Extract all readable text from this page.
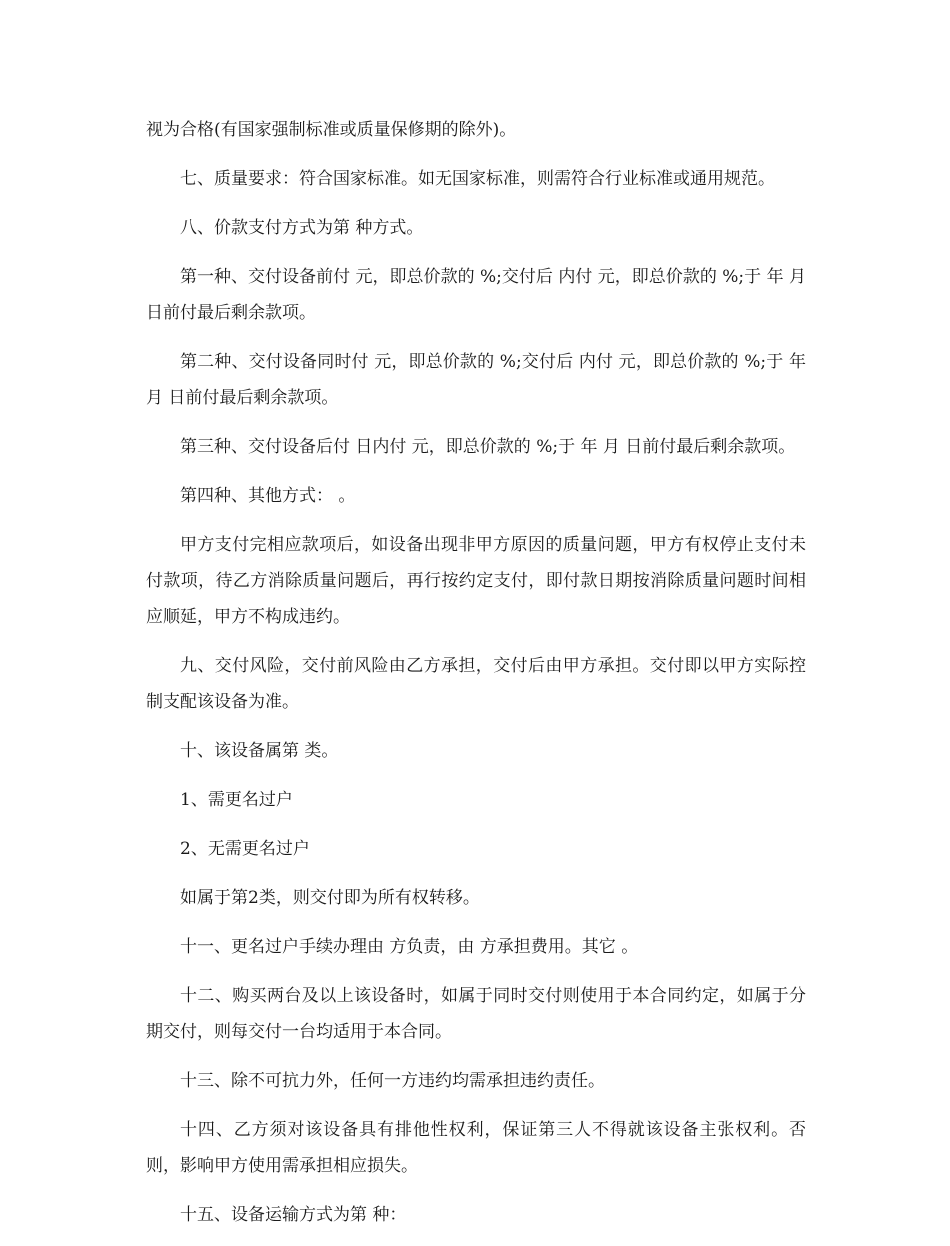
视为合格(有国家强制标准或质量保修期的除外)。

七、质量要求：符合国家标准。如无国家标准，则需符合行业标准或通用规范。

八、价款支付方式为第 种方式。

第一种、交付设备前付 元，即总价款的 %;交付后 内付 元，即总价款的 %;于 年 月 日前付最后剩余款项。

第二种、交付设备同时付 元，即总价款的 %;交付后 内付 元，即总价款的 %;于 年 月 日前付最后剩余款项。

第三种、交付设备后付 日内付 元，即总价款的 %;于 年 月 日前付最后剩余款项。

第四种、其他方式： 。

甲方支付完相应款项后，如设备出现非甲方原因的质量问题，甲方有权停止支付未付款项，待乙方消除质量问题后，再行按约定支付，即付款日期按消除质量问题时间相应顺延，甲方不构成违约。

九、交付风险，交付前风险由乙方承担，交付后由甲方承担。交付即以甲方实际控制支配该设备为准。

十、该设备属第 类。

1、需更名过户

2、无需更名过户

如属于第2类，则交付即为所有权转移。

十一、更名过户手续办理由 方负责，由 方承担费用。其它 。

十二、购买两台及以上该设备时，如属于同时交付则使用于本合同约定，如属于分期交付，则每交付一台均适用于本合同。

十三、除不可抗力外，任何一方违约均需承担违约责任。

十四、乙方须对该设备具有排他性权利，保证第三人不得就该设备主张权利。否则，影响甲方使用需承担相应损失。

十五、设备运输方式为第 种：
